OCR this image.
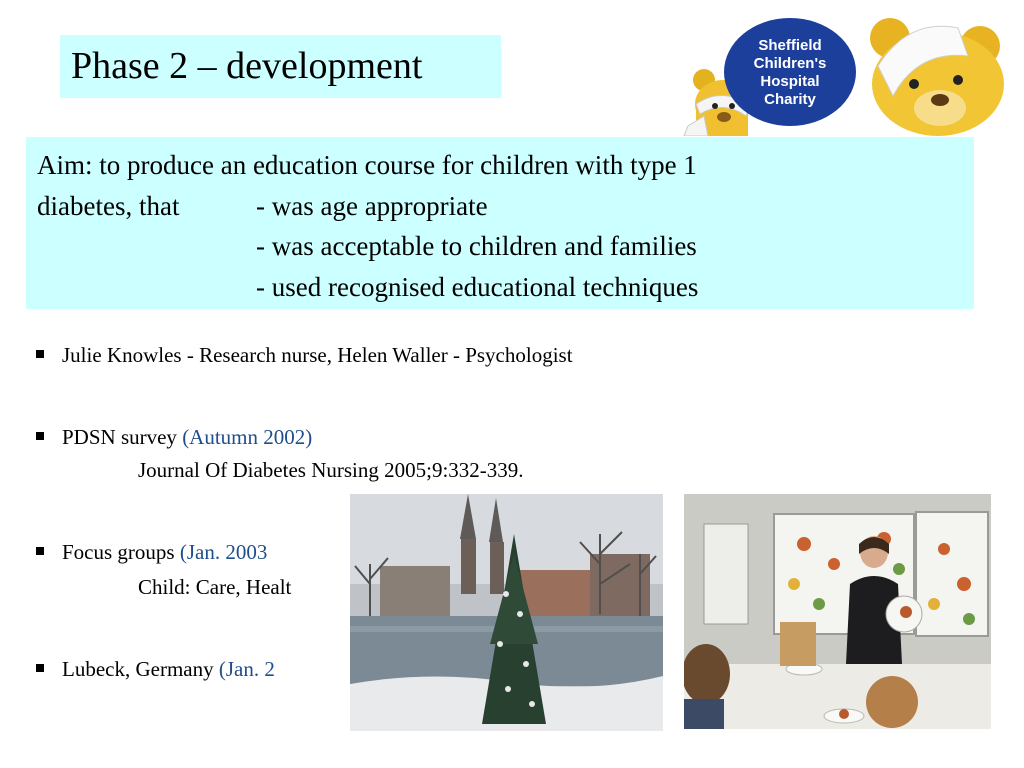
Phase 2 – development	Sheffield
Children's
Hospital
Charity
Aim: to produce an education course for children with type 1
diabetes, that	- was age appropriate
- was acceptable to children and families
- used recognised educational techniques
Julie Knowles - Research nurse, Helen Waller - Psychologist
PDSN survey (Autumn 2002)
Journal Of Diabetes Nursing 2005;9:332-339.
Focus groups (Jan. 2003
Child: Care, Healt
Lubeck, Germany (Jan. 2
